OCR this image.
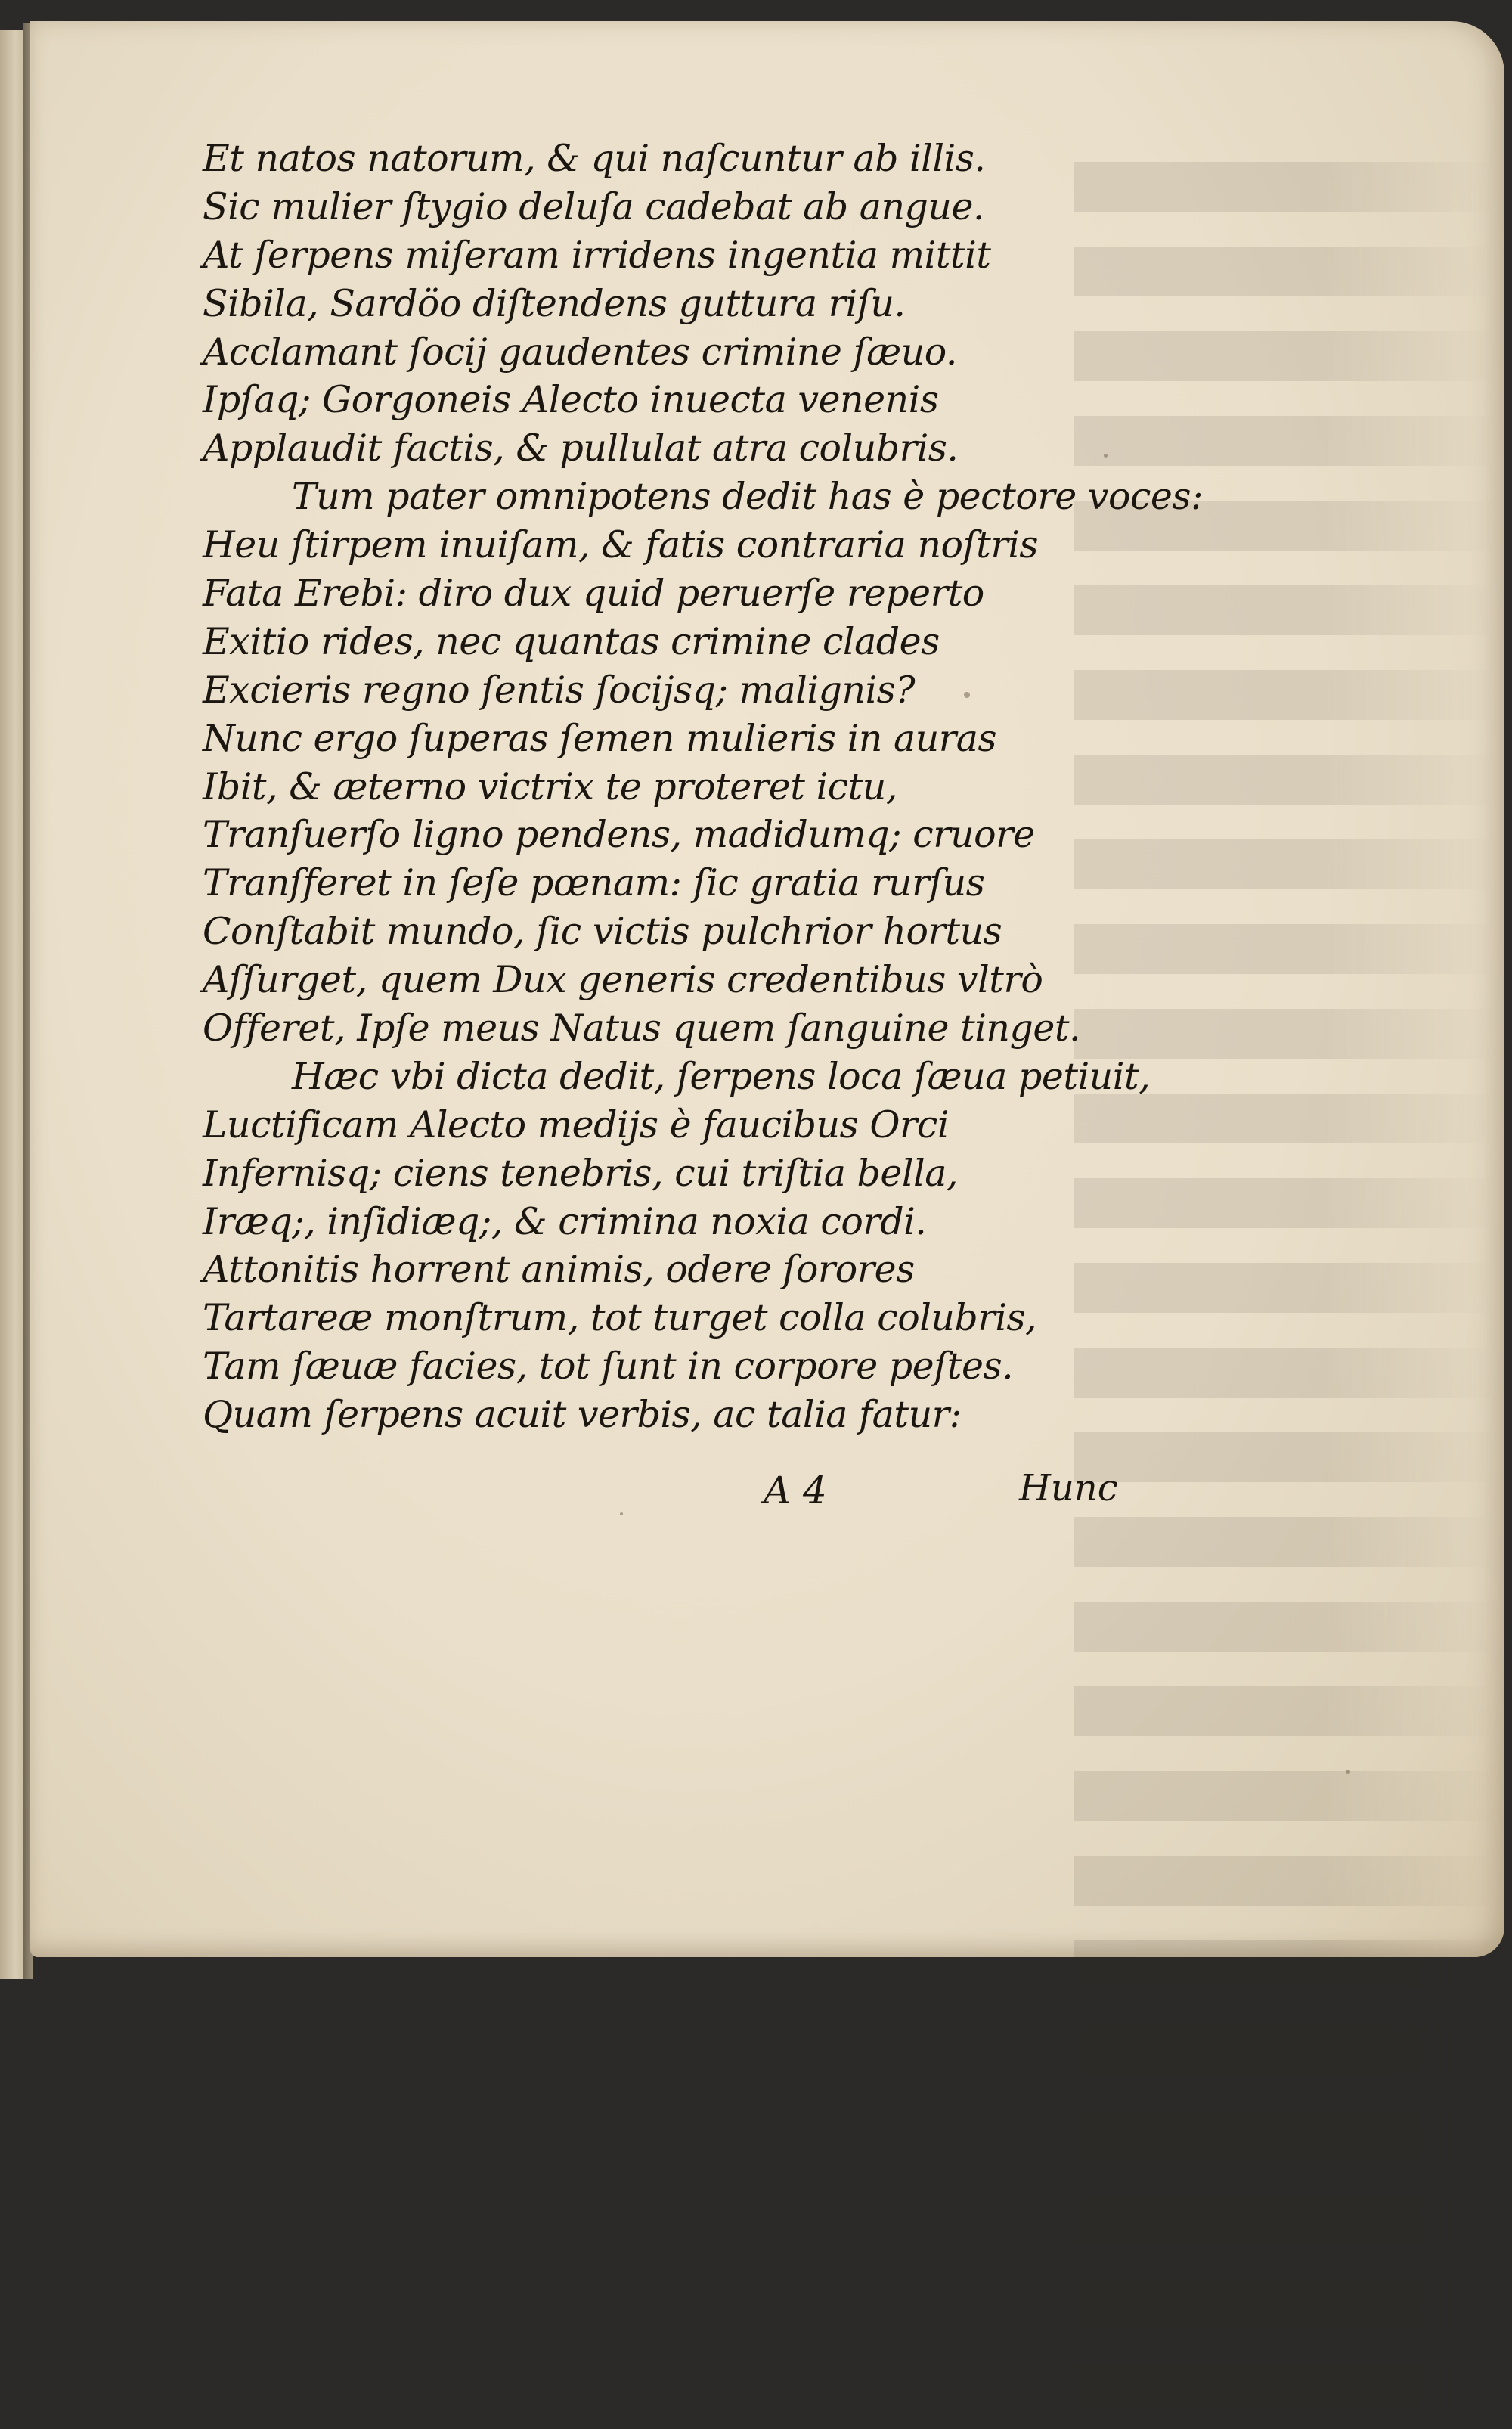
Et natos natorum, & qui naſcuntur ab illis.
Sic mulier ſtygio deluſa cadebat ab angue.
At ſerpens miſeram irridens ingentia mittit
Sibila, Sardöo diſtendens guttura riſu.
Acclamant ſocij gaudentes crimine ſæuo.
Ipſaq; Gorgoneis Alecto inuecta venenis
Applaudit factis, & pullulat atra colubris.
Tum pater omnipotens dedit has è pectore voces:
Heu ſtirpem inuiſam, & fatis contraria noſtris
Fata Erebi: diro dux quid peruerſe reperto
Exitio rides, nec quantas crimine clades
Excieris regno ſentis ſocijsq; malignis?
Nunc ergo ſuperas ſemen mulieris in auras
Ibit, & æterno victrix te proteret ictu,
Tranſuerſo ligno pendens, madidumq; cruore
Tranſferet in ſeſe pœnam: ſic gratia rurſus
Conſtabit mundo, ſic victis pulchrior hortus
Aſſurget, quem Dux generis credentibus vltrò
Offeret, Ipſe meus Natus quem ſanguine tinget.
Hæc vbi dicta dedit, ſerpens loca ſæua petiuit,
Luctificam Alecto medijs è faucibus Orci
Infernisq; ciens tenebris, cui triſtia bella,
Iræq;, inſidiæq;, & crimina noxia cordi.
Attonitis horrent animis, odere ſorores
Tartareæ monſtrum, tot turget colla colubris,
Tam ſæuæ facies, tot ſunt in corpore peſtes.
Quam ſerpens acuit verbis, ac talia fatur:
A 4	Hunc
